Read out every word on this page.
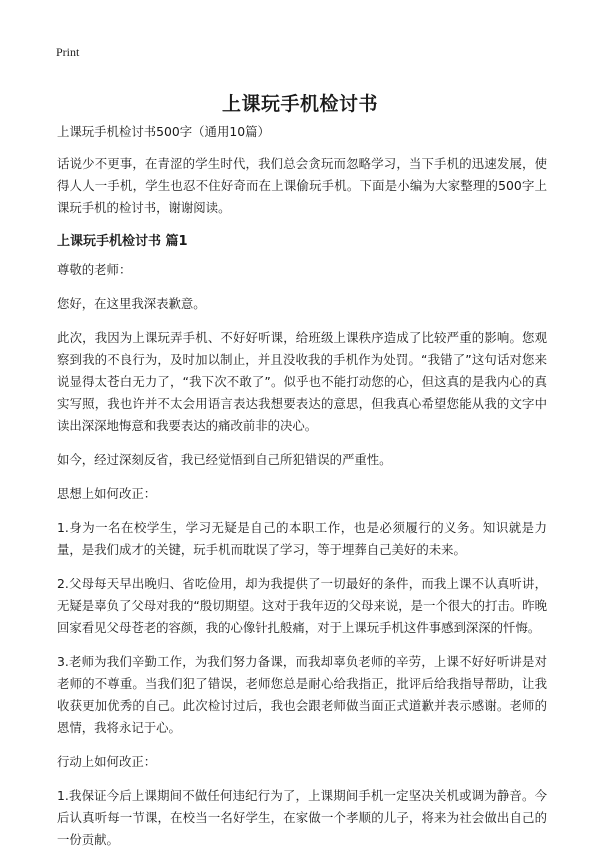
Print
上课玩手机检讨书

上课玩手机检讨书500字（通用10篇）

话说少不更事，在青涩的学生时代，我们总会贪玩而忽略学习，当下手机的迅速发展，使得人人一手机，学生也忍不住好奇而在上课偷玩手机。下面是小编为大家整理的500字上课玩手机的检讨书，谢谢阅读。

上课玩手机检讨书 篇1

尊敬的老师：

您好，在这里我深表歉意。

此次，我因为上课玩弄手机、不好好听课，给班级上课秩序造成了比较严重的影响。您观察到我的不良行为，及时加以制止，并且没收我的手机作为处罚。“我错了”这句话对您来说显得太苍白无力了，“我下次不敢了”。似乎也不能打动您的心，但这真的是我内心的真实写照，我也许并不太会用语言表达我想要表达的意思，但我真心希望您能从我的文字中读出深深地悔意和我要表达的痛改前非的决心。

如今，经过深刻反省，我已经觉悟到自己所犯错误的严重性。

思想上如何改正：

1.身为一名在校学生，学习无疑是自己的本职工作，也是必须履行的义务。知识就是力量，是我们成才的关键，玩手机而耽误了学习，等于埋葬自己美好的未来。

2.父母每天早出晚归、省吃俭用，却为我提供了一切最好的条件，而我上课不认真听讲，无疑是辜负了父母对我的“殷切期望。这对于我年迈的父母来说，是一个很大的打击。昨晚回家看见父母苍老的容颜，我的心像针扎般痛，对于上课玩手机这件事感到深深的忏悔。

3.老师为我们辛勤工作，为我们努力备课，而我却辜负老师的辛劳，上课不好好听讲是对老师的不尊重。当我们犯了错误，老师您总是耐心给我指正，批评后给我指导帮助，让我收获更加优秀的自己。此次检讨过后，我也会跟老师做当面正式道歉并表示感谢。老师的恩情，我将永记于心。

行动上如何改正：

1.我保证今后上课期间不做任何违纪行为了，上课期间手机一定坚决关机或调为静音。今后认真听每一节课，在校当一名好学生，在家做一个孝顺的儿子，将来为社会做出自己的一份贡献。
